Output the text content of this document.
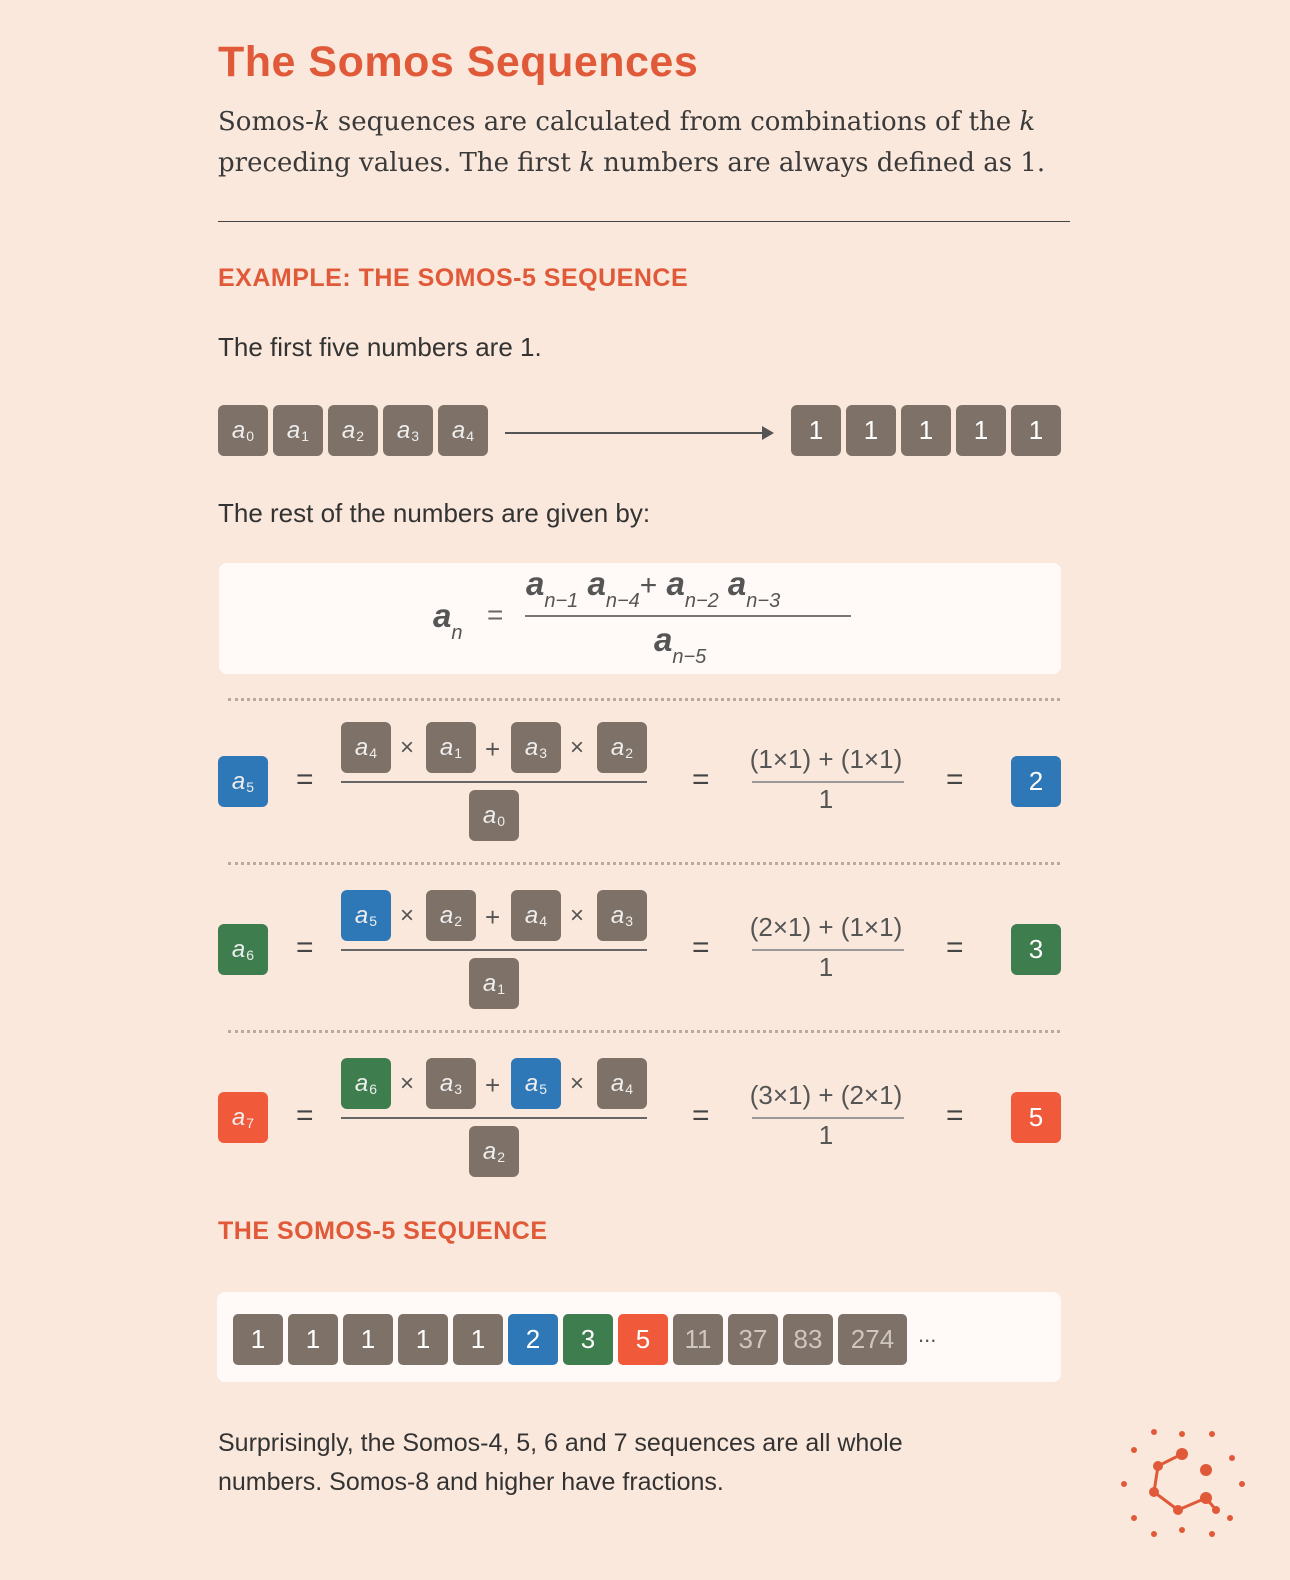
The Somos Sequences
Somos-k sequences are calculated from combinations of the k preceding values. The first k numbers are always defined as 1.
EXAMPLE: THE SOMOS-5 SEQUENCE
The first five numbers are 1.
The rest of the numbers are given by:
$a_n$
=
$a_{n-1}$ $a_{n-4}+ a_{n-2}$ $a_{n-3}$
$a_{n-5}$
THE SOMOS-5 SEQUENCE
...
Surprisingly, the Somos-4, 5, 6 and 7 sequences are all whole
numbers. Somos-8 and higher have fractions.
$a_0$ $a_1$ $a_2$ $a_3$ $a_4$	1	1	1	1	1
$a_5$ =
$a_4 \times a_1 + a_3 \times a_2$
$a_0$
=
(1×1) + (1×1)
1
=	2
$a_6$ =
$a_5 \times a_2 + a_4 \times a_3$
$a_1$
=
(2×1) + (1×1)
1
=	3
$a_7$ =
$a_6 \times a_3 + a_5 \times a_4$
$a_2$
=
(3×1) + (2×1)
1
=	5
1	1	1	1	1	2	3	5	11	37	83	274
